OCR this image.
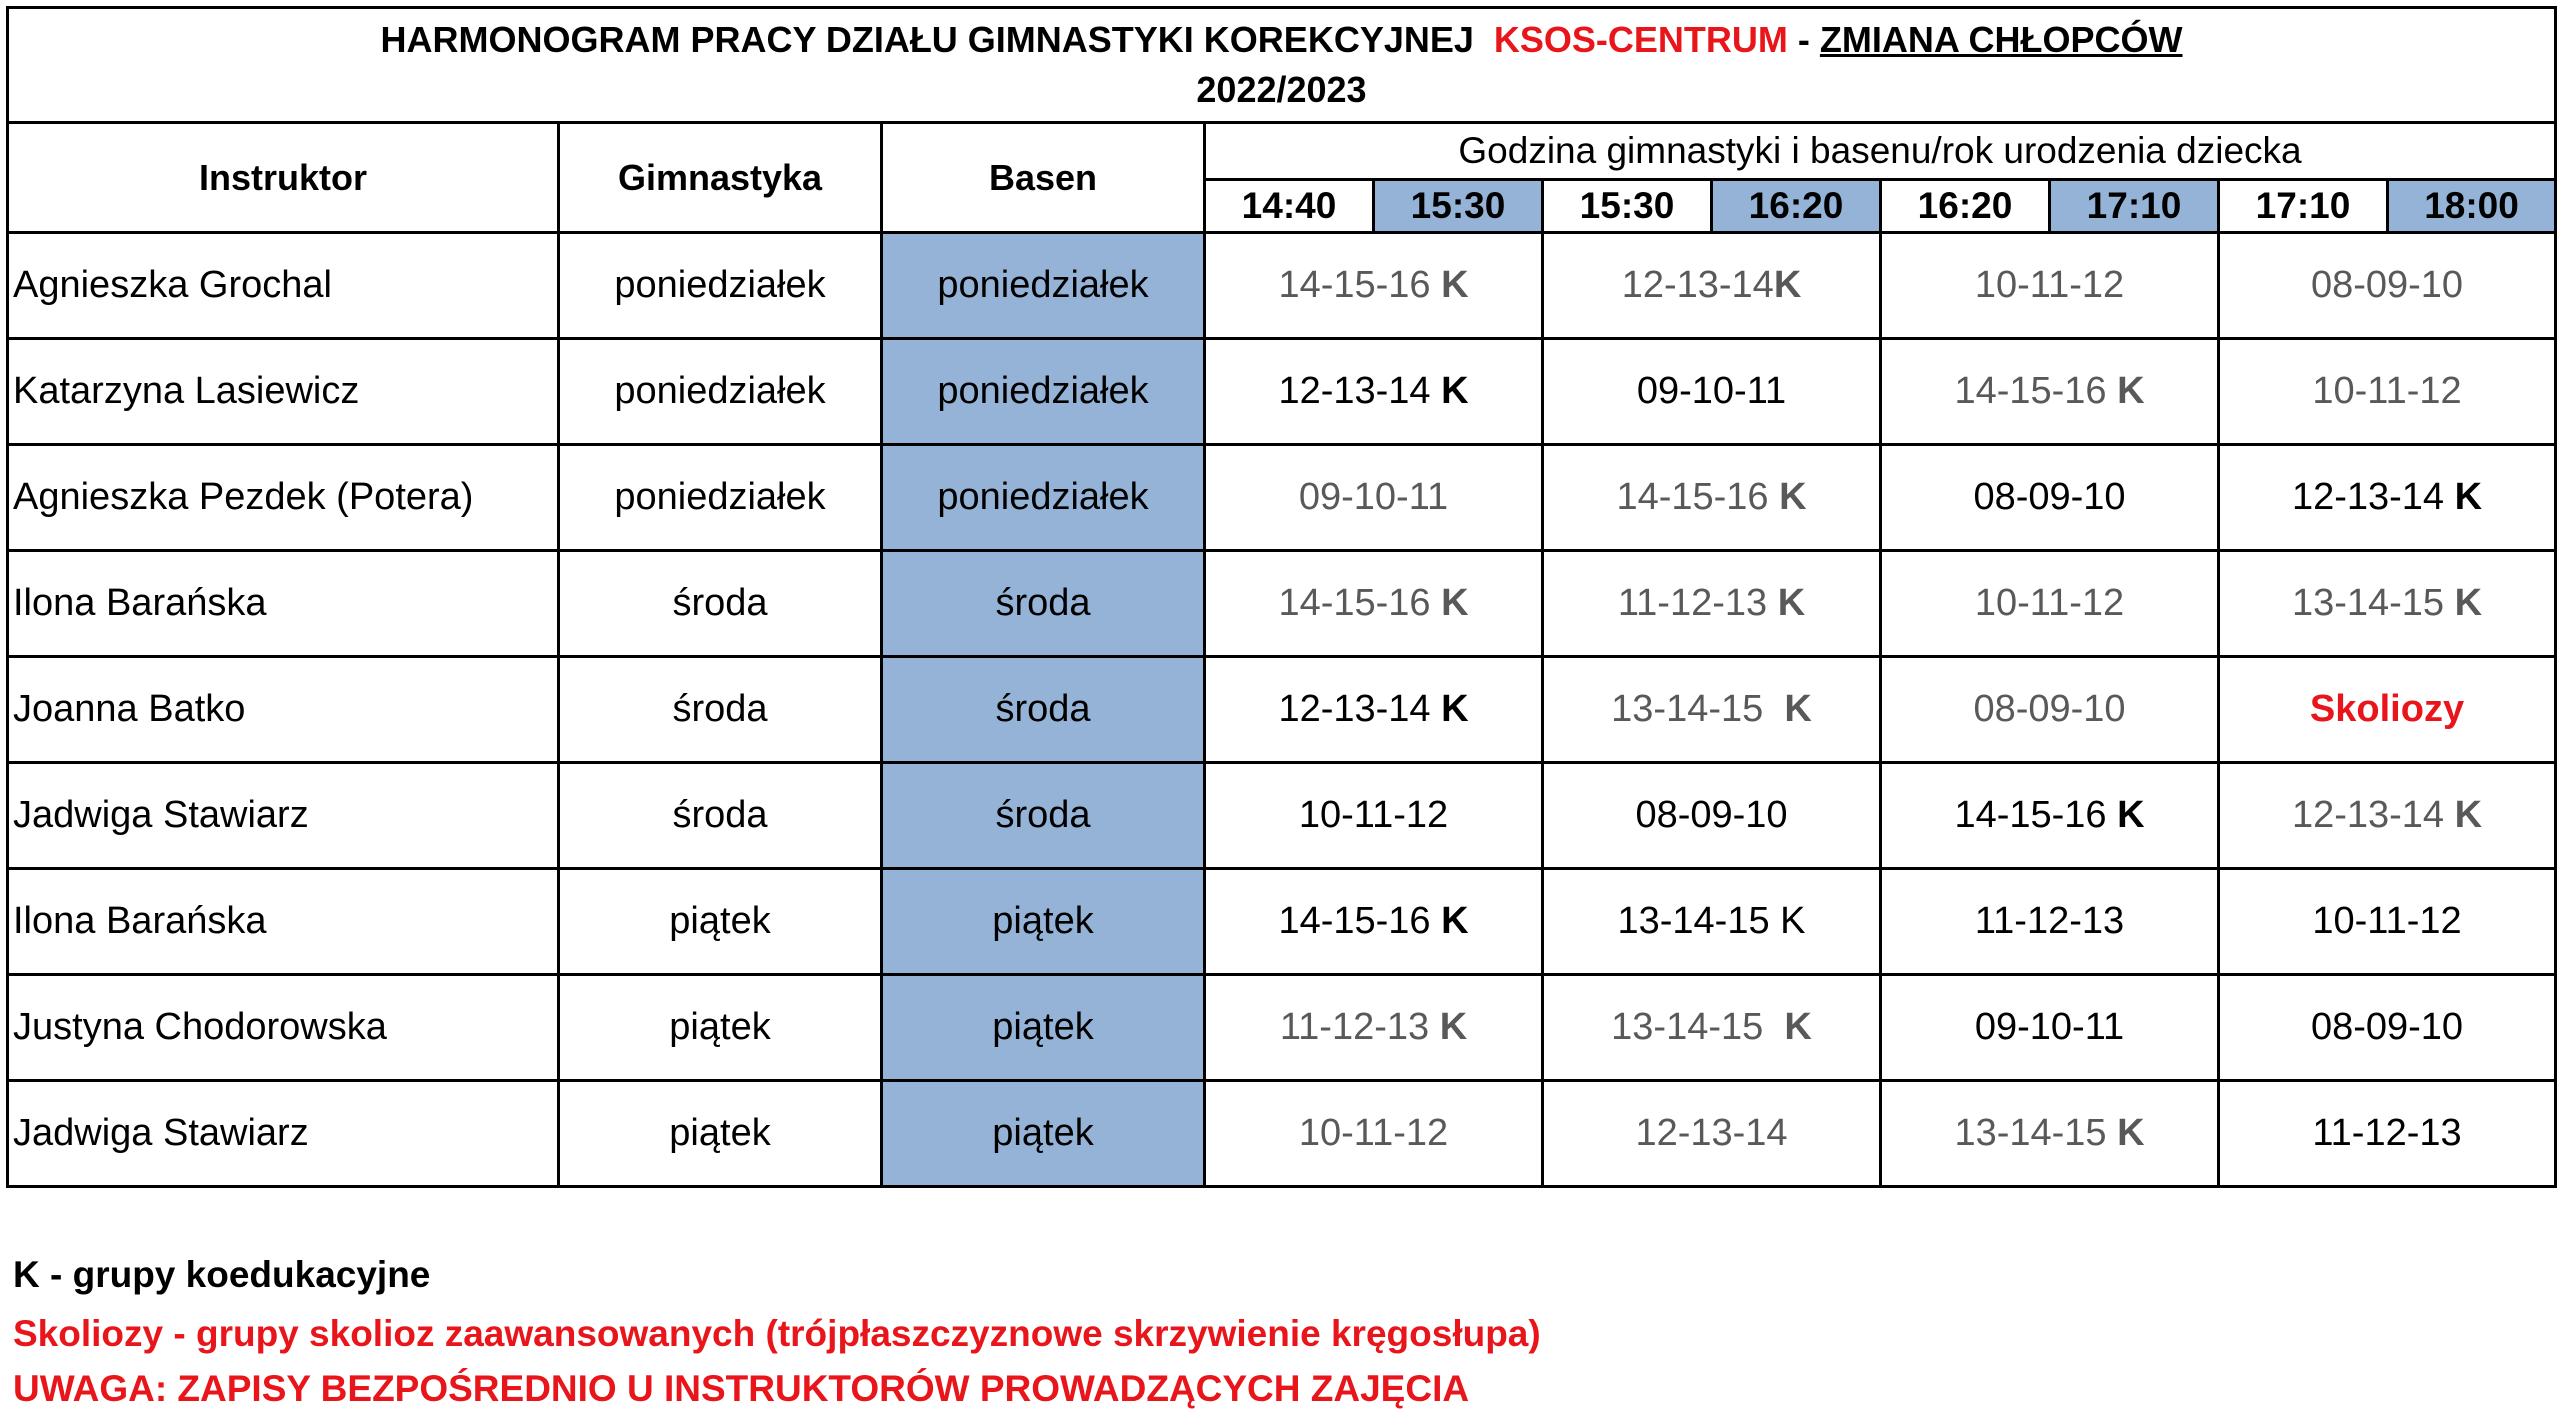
HARMONOGRAM PRACY DZIAŁU GIMNASTYKI KOREKCYJNEJ KSOS-CENTRUM - ZMIANA CHŁOPCÓW
2022/2023										

Instruktor	Gimnastyka	Basen	Godzina gimnastyki i basenu/rok urodzenia dziecka							
			14:40	15:30	15:30	16:20	16:20	17:10	17:10	18:00
Agnieszka Grochal	poniedziałek	poniedziałek	14-15-16 K		12-13-14K		10-11-12		08-09-10	
Katarzyna Lasiewicz	poniedziałek	poniedziałek	12-13-14 K		09-10-11		14-15-16 K		10-11-12	
Agnieszka Pezdek (Potera)	poniedziałek	poniedziałek	09-10-11		14-15-16 K		08-09-10		12-13-14 K	
Ilona Barańska	środa	środa	14-15-16 K		11-12-13 K		10-11-12		13-14-15 K	
Joanna Batko	środa	środa	12-13-14 K		13-14-15  K		08-09-10		Skoliozy	
Jadwiga Stawiarz	środa	środa	10-11-12		08-09-10		14-15-16 K		12-13-14 K	
Ilona Barańska	piątek	piątek	14-15-16 K		13-14-15 K		11-12-13		10-11-12	
Justyna Chodorowska	piątek	piątek	11-12-13 K		13-14-15  K		09-10-11		08-09-10	
Jadwiga Stawiarz	piątek	piątek	10-11-12		12-13-14		13-14-15 K		11-12-13	
K - grupy koedukacyjne
Skoliozy - grupy skolioz zaawansowanych (trójpłaszczyznowe skrzywienie kręgosłupa)
UWAGA: ZAPISY BEZPOŚREDNIO U INSTRUKTORÓW PROWADZĄCYCH ZAJĘCIA
